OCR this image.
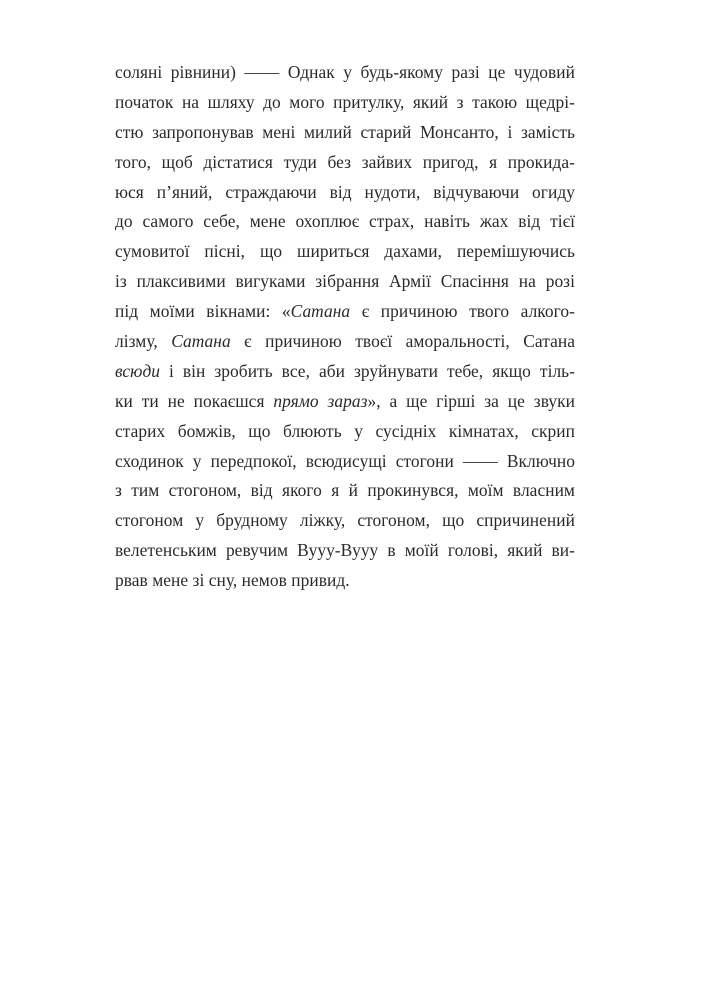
соляні рівнини) —— Однак у будь-якому разі це чудовий
початок на шляху до мого притулку, який з такою щедрі-
стю запропонував мені милий старий Монсанто, і замість
того, щоб дістатися туди без зайвих пригод, я прокида-
юся п’яний, страждаючи від нудоти, відчуваючи огиду
до самого себе, мене охоплює страх, навіть жах від тієї
сумовитої пісні, що шириться дахами, перемішуючись
із плаксивими вигуками зібрання Армії Спасіння на розі
під моїми вікнами: «Сатана є причиною твого алкого-
лізму, Сатана є причиною твоєї аморальності, Сатана
всюди і він зробить все, аби зруйнувати тебе, якщо тіль-
ки ти не покаєшся прямо зараз», а ще гірші за це звуки
старих бомжів, що блюють у сусідніх кімнатах, скрип
сходинок у передпокої, всюдисущі стогони —— Включно
з тим стогоном, від якого я й прокинувся, моїм власним
стогоном у брудному ліжку, стогоном, що спричинений
велетенським ревучим Вууу-Вууу в моїй голові, який ви-
рвав мене зі сну, немов привид.
